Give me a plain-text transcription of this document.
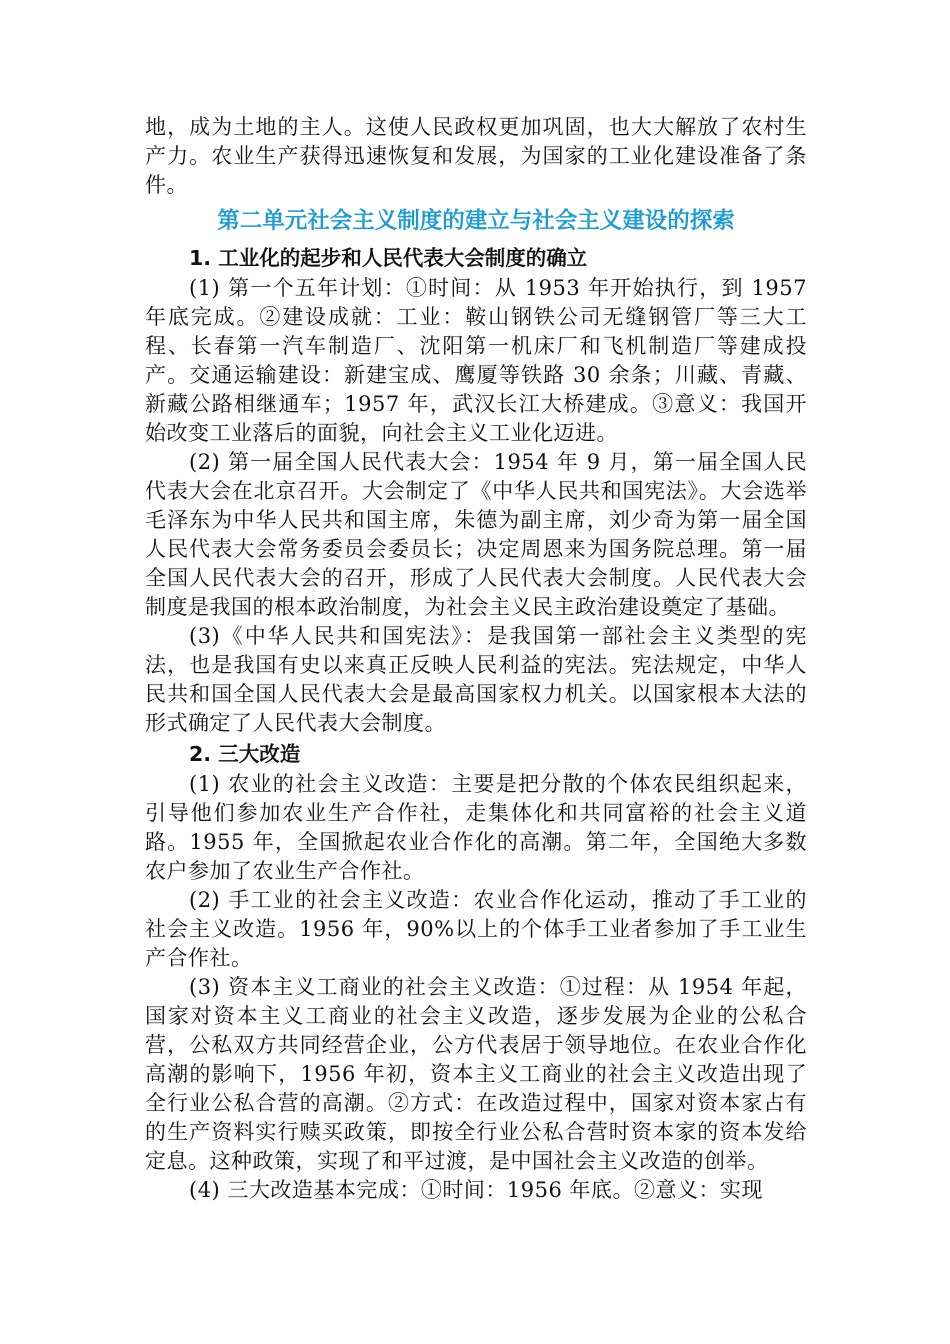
地，成为土地的主人。这使人民政权更加巩固，也大大解放了农村生产力。农业生产获得迅速恢复和发展，为国家的工业化建设准备了条件。

第二单元社会主义制度的建立与社会主义建设的探索
1. 工业化的起步和人民代表大会制度的确立

(1) 第一个五年计划：①时间：从 1953 年开始执行，到 1957 年底完成。②建设成就：工业：鞍山钢铁公司无缝钢管厂等三大工程、长春第一汽车制造厂、沈阳第一机床厂和飞机制造厂等建成投产。交通运输建设：新建宝成、鹰厦等铁路 30 余条；川藏、青藏、新藏公路相继通车；1957 年，武汉长江大桥建成。③意义：我国开始改变工业落后的面貌，向社会主义工业化迈进。

(2) 第一届全国人民代表大会：1954 年 9 月，第一届全国人民代表大会在北京召开。大会制定了《中华人民共和国宪法》。大会选举毛泽东为中华人民共和国主席，朱德为副主席，刘少奇为第一届全国人民代表大会常务委员会委员长；决定周恩来为国务院总理。第一届全国人民代表大会的召开，形成了人民代表大会制度。人民代表大会制度是我国的根本政治制度，为社会主义民主政治建设奠定了基础。

(3)《中华人民共和国宪法》：是我国第一部社会主义类型的宪法，也是我国有史以来真正反映人民利益的宪法。宪法规定，中华人民共和国全国人民代表大会是最高国家权力机关。以国家根本大法的形式确定了人民代表大会制度。

2. 三大改造

(1) 农业的社会主义改造：主要是把分散的个体农民组织起来，引导他们参加农业生产合作社，走集体化和共同富裕的社会主义道路。1955 年，全国掀起农业合作化的高潮。第二年，全国绝大多数农户参加了农业生产合作社。

(2) 手工业的社会主义改造：农业合作化运动，推动了手工业的社会主义改造。1956 年，90%以上的个体手工业者参加了手工业生产合作社。

(3) 资本主义工商业的社会主义改造：①过程：从 1954 年起，国家对资本主义工商业的社会主义改造，逐步发展为企业的公私合营，公私双方共同经营企业，公方代表居于领导地位。在农业合作化高潮的影响下，1956 年初，资本主义工商业的社会主义改造出现了全行业公私合营的高潮。②方式：在改造过程中，国家对资本家占有的生产资料实行赎买政策，即按全行业公私合营时资本家的资本发给定息。这种政策，实现了和平过渡，是中国社会主义改造的创举。

(4) 三大改造基本完成：①时间：1956 年底。②意义：实现
